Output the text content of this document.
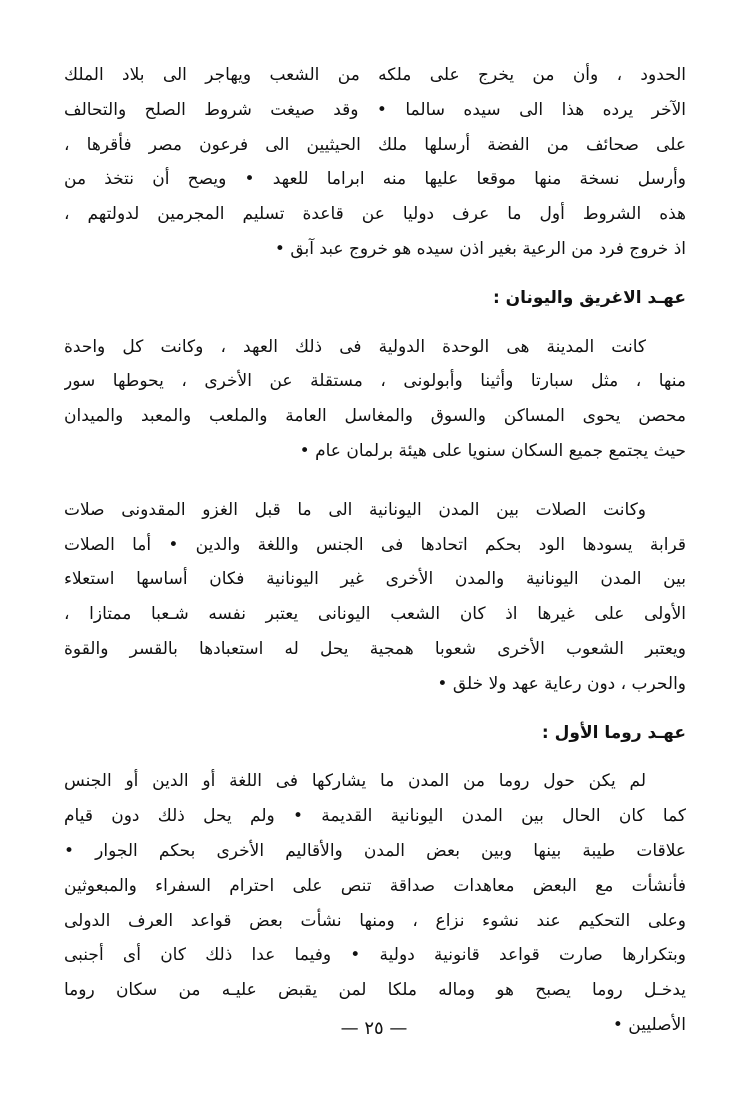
الحدود ، وأن من يخرج على ملكه من الشعب ويهاجر الى بلاد الملك
الآخر يرده هذا الى سيده سالما • وقد صيغت شروط الصلح والتحالف
على صحائف من الفضة أرسلها ملك الحيثيين الى فرعون مصر فأقرها ،
وأرسل نسخة منها موقعا عليها منه ابراما للعهد • ويصح أن نتخذ من
هذه الشروط أول ما عرف دوليا عن قاعدة تسليم المجرمين لدولتهم ،
اذ خروج فرد من الرعية بغير اذن سيده هو خروج عبد آبق •
عهـد الاغريق واليونان :
كانت المدينة هى الوحدة الدولية فى ذلك العهد ، وكانت كل واحدة
منها ، مثل سبارتا وأثينا وأبولونى ، مستقلة عن الأخرى ، يحوطها سور
محصن يحوى المساكن والسوق والمغاسل العامة والملعب والمعبد والميدان
حيث يجتمع جميع السكان سنويا على هيئة برلمان عام •
وكانت الصلات بين المدن اليونانية الى ما قبل الغزو المقدونى صلات
قرابة يسودها الود بحكم اتحادها فى الجنس واللغة والدين • أما الصلات
بين المدن اليونانية والمدن الأخرى غير اليونانية فكان أساسها استعلاء
الأولى على غيرها اذ كان الشعب اليونانى يعتبر نفسه شـعبا ممتازا ،
ويعتبر الشعوب الأخرى شعوبا همجية يحل له استعبادها بالقسر والقوة
والحرب ، دون رعاية عهد ولا خلق •
عهـد روما الأول :
لم يكن حول روما من المدن ما يشاركها فى اللغة أو الدين أو الجنس
كما كان الحال بين المدن اليونانية القديمة • ولم يحل ذلك دون قيام
علاقات طيبة بينها وبين بعض المدن والأقاليم الأخرى بحكم الجوار •
فأنشأت مع البعض معاهدات صداقة تنص على احترام السفراء والمبعوثين
وعلى التحكيم عند نشوء نزاع ، ومنها نشأت بعض قواعد العرف الدولى
وبتكرارها صارت قواعد قانونية دولية • وفيما عدا ذلك كان أى أجنبى
يدخـل روما يصبح هو وماله ملكا لمن يقبض عليـه من سكان روما
الأصليين •
— ٢٥ —
